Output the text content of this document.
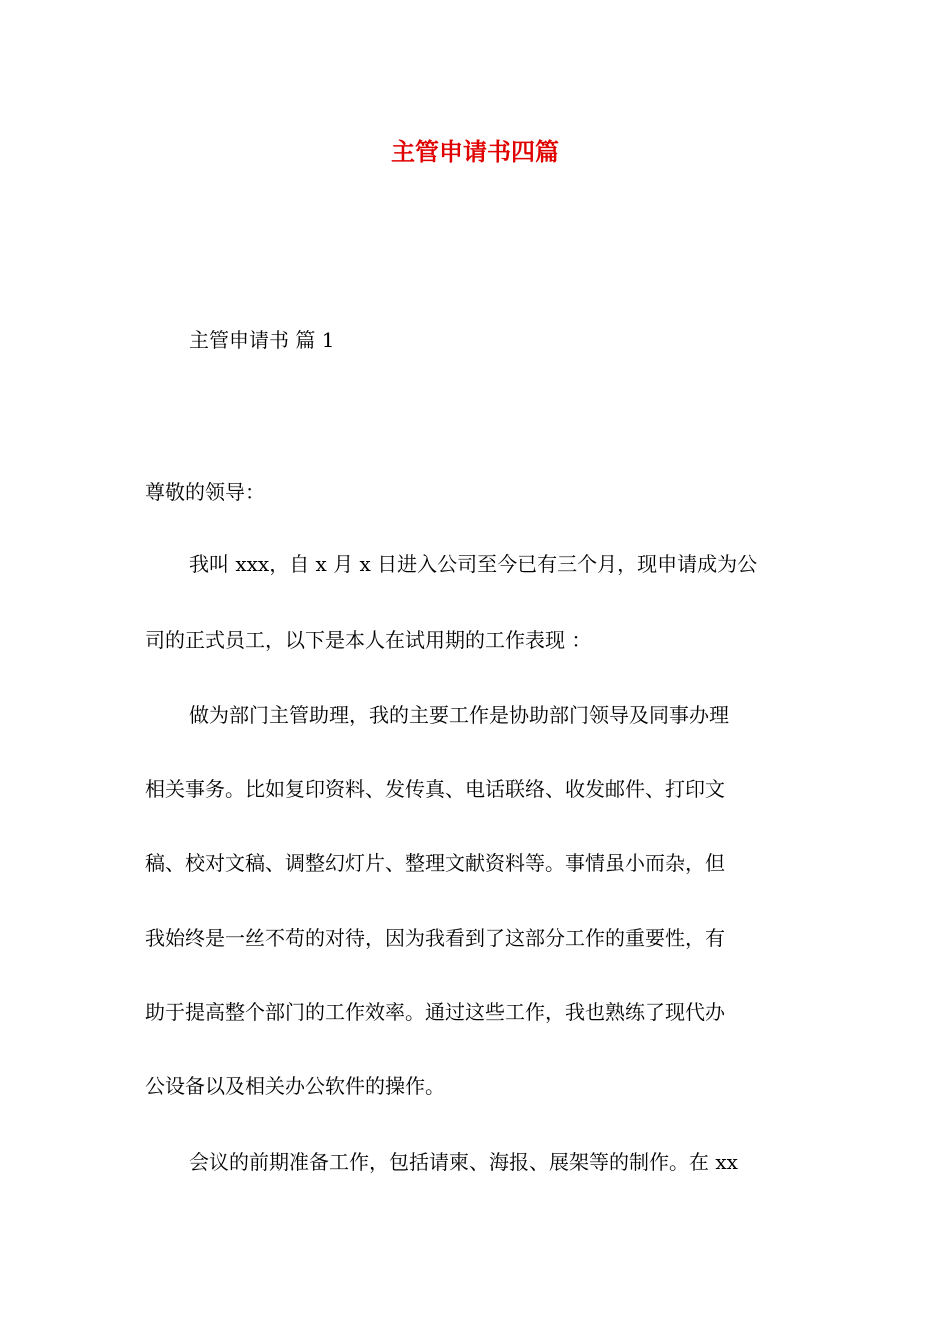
主管申请书四篇
主管申请书 篇 1
尊敬的领导：
我叫 xxx，自 x 月 x 日进入公司至今已有三个月，现申请成为公
司的正式员工，以下是本人在试用期的工作表现 ：
做为部门主管助理，我的主要工作是协助部门领导及同事办理
相关事务。比如复印资料、发传真、电话联络、收发邮件、打印文
稿、校对文稿、调整幻灯片、整理文献资料等。事情虽小而杂，但
我始终是一丝不苟的对待，因为我看到了这部分工作的重要性，有
助于提高整个部门的工作效率。通过这些工作，我也熟练了现代办
公设备以及相关办公软件的操作。
会议的前期准备工作，包括请柬、海报、展架等的制作。在 xx
